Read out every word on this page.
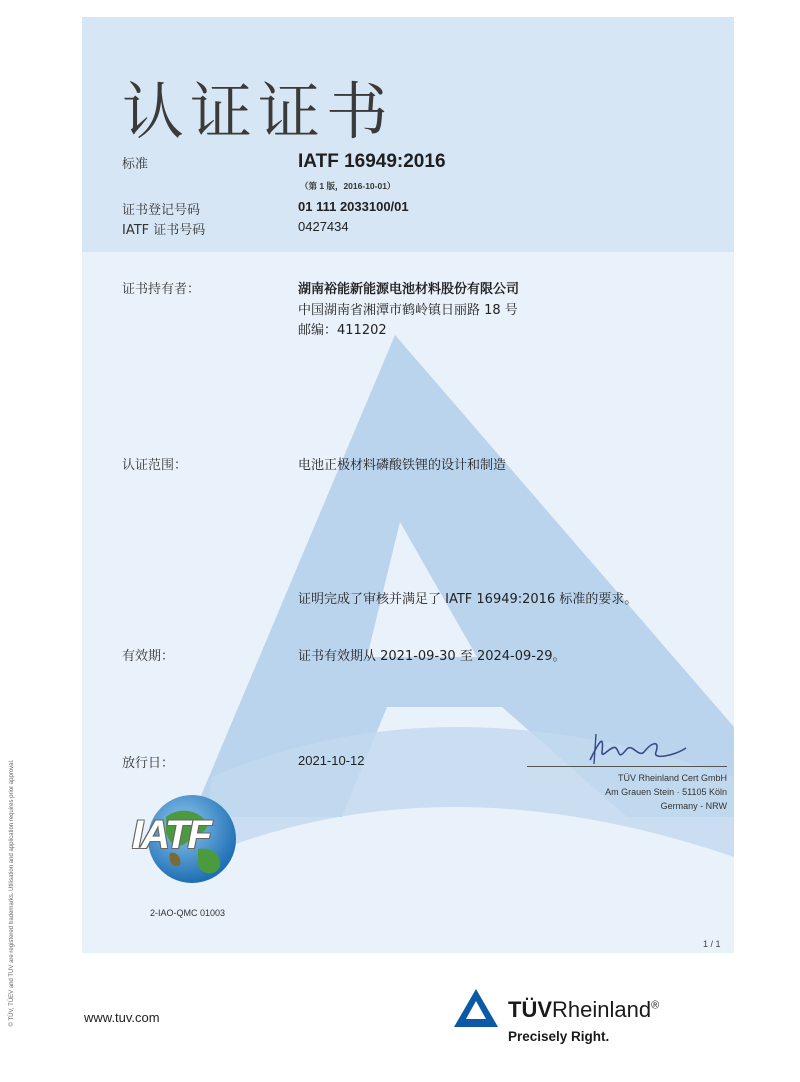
认证证书
标准	IATF 16949:2016
（第 1 版，2016-10-01）
证书登记号码	01 111 2033100/01
IATF 证书号码	0427434
证书持有者：	湖南裕能新能源电池材料股份有限公司
中国湖南省湘潭市鹤岭镇日丽路 18 号
邮编：411202
认证范围：	电池正极材料磷酸铁锂的设计和制造
证明完成了审核并满足了 IATF 16949:2016 标准的要求。
有效期：	证书有效期从 2021-09-30 至 2024-09-29。
放行日：	2021-10-12
TÜV Rheinland Cert GmbH
Am Grauen Stein · 51105 Köln
Germany - NRW
IATF
2-IAO-QMC 01003
1 / 1
© TÜV, TÜEV and TUV are registered trademarks. Utilisation and application requires prior approval.	www.tuv.com	TÜVRheinland®
Precisely Right.
